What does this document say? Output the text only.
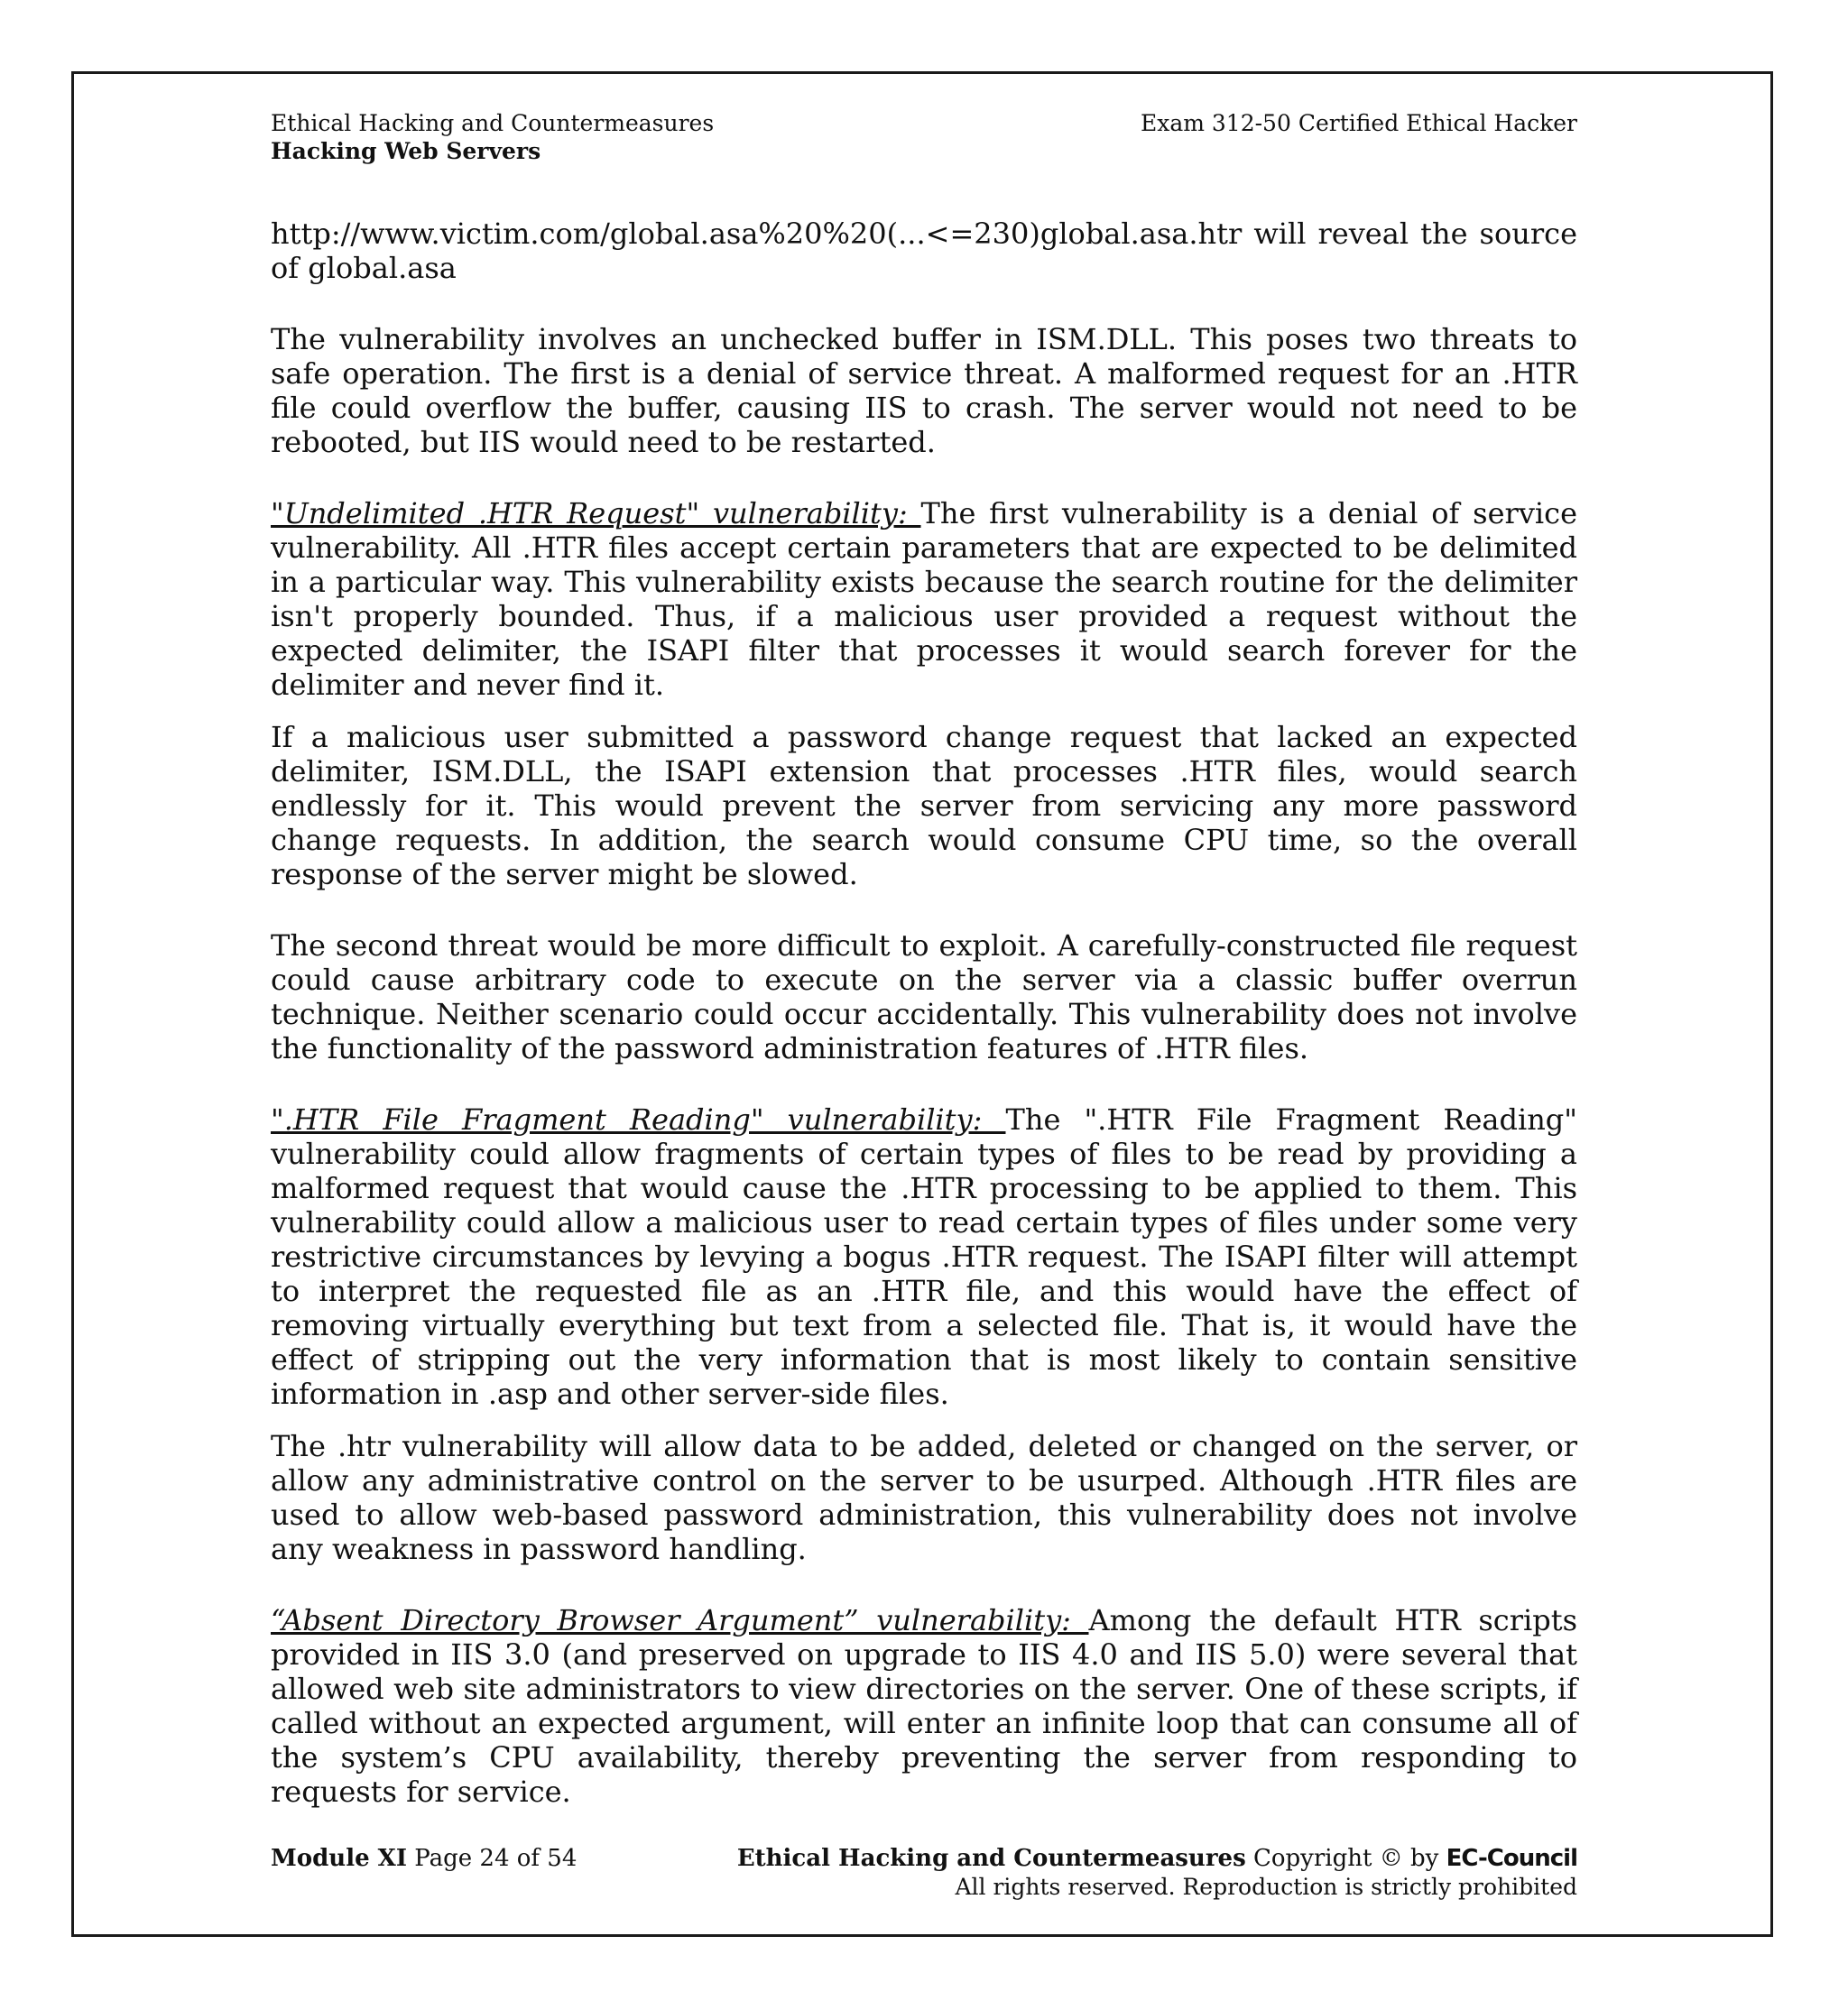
Ethical Hacking and Countermeasures
Hacking Web Servers
Exam 312-50 Certified Ethical Hacker

http://www.victim.com/global.asa%20%20(...<=230)global.asa.htr will reveal the source of global.asa

The vulnerability involves an unchecked buffer in ISM.DLL. This poses two threats to safe operation. The first is a denial of service threat. A malformed request for an .HTR file could overflow the buffer, causing IIS to crash. The server would not need to be rebooted, but IIS would need to be restarted.

"Undelimited .HTR Request" vulnerability: The first vulnerability is a denial of service vulnerability. All .HTR files accept certain parameters that are expected to be delimited in a particular way. This vulnerability exists because the search routine for the delimiter isn't properly bounded. Thus, if a malicious user provided a request without the expected delimiter, the ISAPI filter that processes it would search forever for the delimiter and never find it.

If a malicious user submitted a password change request that lacked an expected delimiter, ISM.DLL, the ISAPI extension that processes .HTR files, would search endlessly for it. This would prevent the server from servicing any more password change requests. In addition, the search would consume CPU time, so the overall response of the server might be slowed.

The second threat would be more difficult to exploit. A carefully-constructed file request could cause arbitrary code to execute on the server via a classic buffer overrun technique. Neither scenario could occur accidentally. This vulnerability does not involve the functionality of the password administration features of .HTR files.

".HTR File Fragment Reading" vulnerability: The ".HTR File Fragment Reading" vulnerability could allow fragments of certain types of files to be read by providing a malformed request that would cause the .HTR processing to be applied to them. This vulnerability could allow a malicious user to read certain types of files under some very restrictive circumstances by levying a bogus .HTR request. The ISAPI filter will attempt to interpret the requested file as an .HTR file, and this would have the effect of removing virtually everything but text from a selected file. That is, it would have the effect of stripping out the very information that is most likely to contain sensitive information in .asp and other server-side files.

The .htr vulnerability will allow data to be added, deleted or changed on the server, or allow any administrative control on the server to be usurped. Although .HTR files are used to allow web-based password administration, this vulnerability does not involve any weakness in password handling.

“Absent Directory Browser Argument” vulnerability: Among the default HTR scripts provided in IIS 3.0 (and preserved on upgrade to IIS 4.0 and IIS 5.0) were several that allowed web site administrators to view directories on the server. One of these scripts, if called without an expected argument, will enter an infinite loop that can consume all of the system’s CPU availability, thereby preventing the server from responding to requests for service.

Module XI Page 24 of 54	Ethical Hacking and Countermeasures Copyright © by EC-Council
All rights reserved. Reproduction is strictly prohibited
